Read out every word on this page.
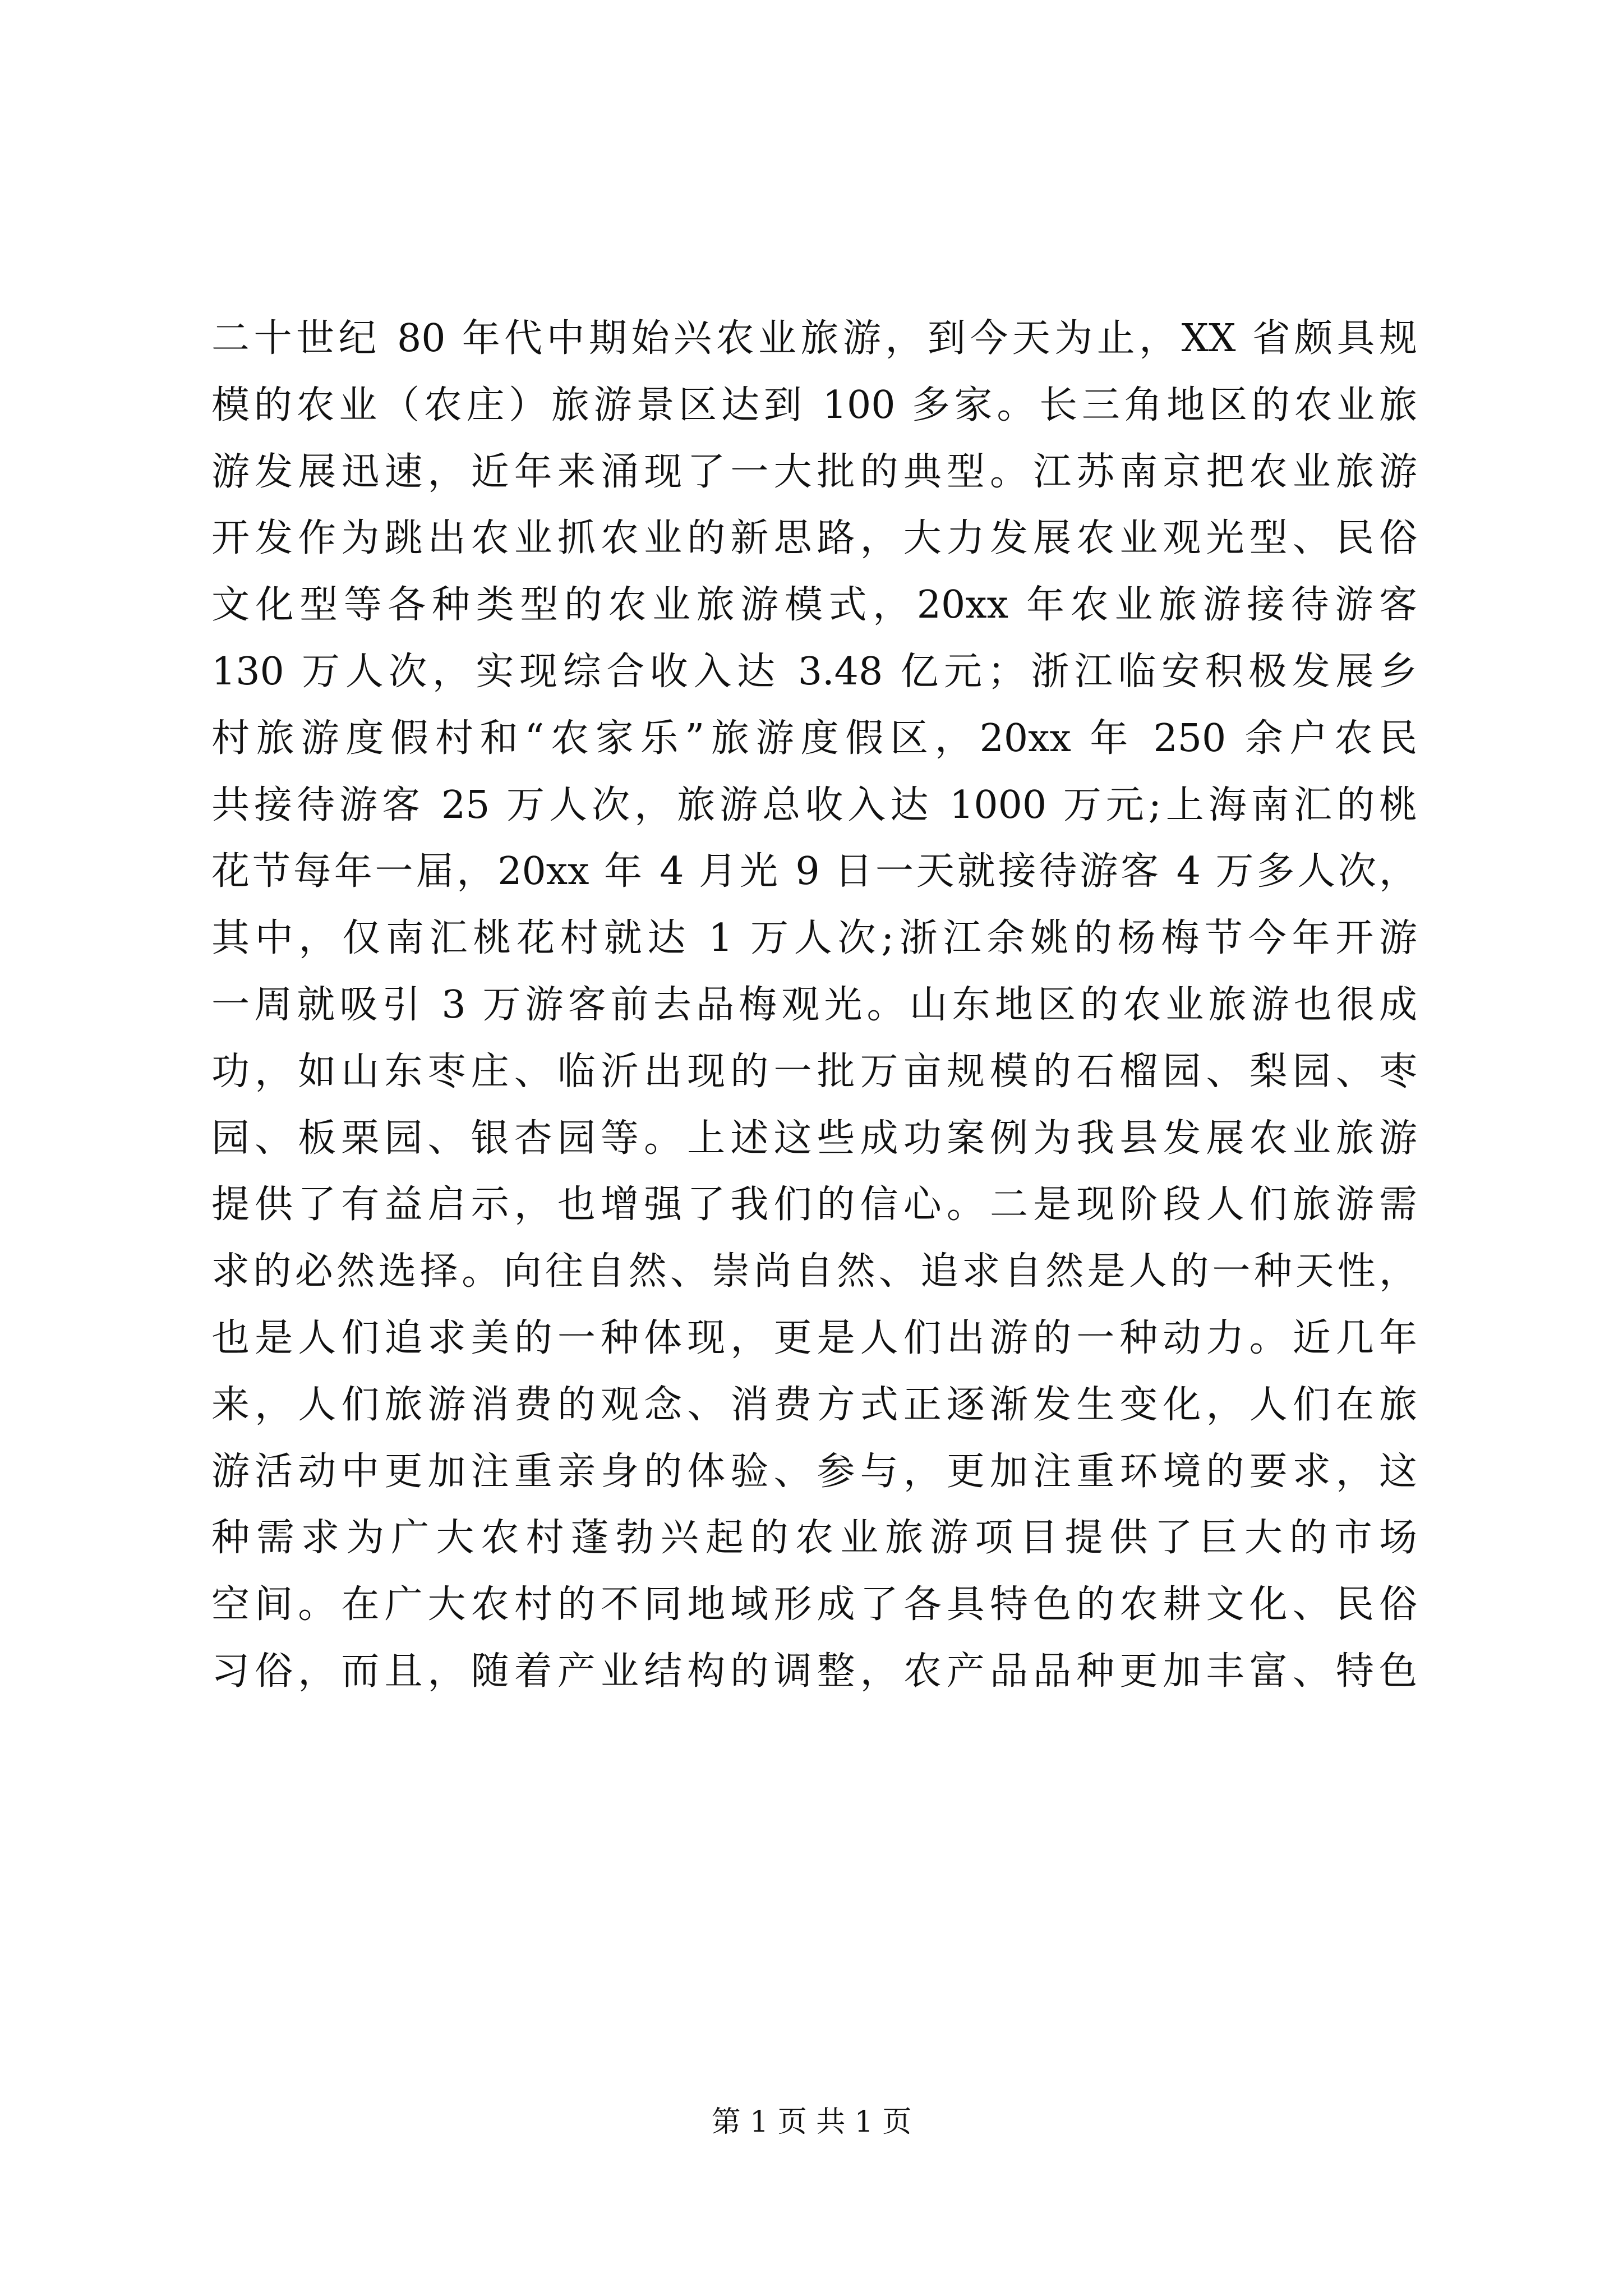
二十世纪 80 年代中期始兴农业旅游，到今天为止，XX 省颇具规
模的农业（农庄）旅游景区达到 100 多家。长三角地区的农业旅
游发展迅速，近年来涌现了一大批的典型。江苏南京把农业旅游
开发作为跳出农业抓农业的新思路，大力发展农业观光型、民俗
文化型等各种类型的农业旅游模式，20xx 年农业旅游接待游客
130 万人次，实现综合收入达 3.48 亿元；浙江临安积极发展乡
村旅游度假村和“农家乐”旅游度假区，20xx 年 250 余户农民
共接待游客 25 万人次，旅游总收入达 1000 万元;上海南汇的桃
花节每年一届，20xx 年 4 月光 9 日一天就接待游客 4 万多人次，
其中，仅南汇桃花村就达 1 万人次;浙江余姚的杨梅节今年开游
一周就吸引 3 万游客前去品梅观光。山东地区的农业旅游也很成
功，如山东枣庄、临沂出现的一批万亩规模的石榴园、梨园、枣
园、板栗园、银杏园等。上述这些成功案例为我县发展农业旅游
提供了有益启示，也增强了我们的信心。二是现阶段人们旅游需
求的必然选择。向往自然、崇尚自然、追求自然是人的一种天性，
也是人们追求美的一种体现，更是人们出游的一种动力。近几年
来，人们旅游消费的观念、消费方式正逐渐发生变化，人们在旅
游活动中更加注重亲身的体验、参与，更加注重环境的要求，这
种需求为广大农村蓬勃兴起的农业旅游项目提供了巨大的市场
空间。在广大农村的不同地域形成了各具特色的农耕文化、民俗
习俗，而且，随着产业结构的调整，农产品品种更加丰富、特色
第 1 页 共 1 页
